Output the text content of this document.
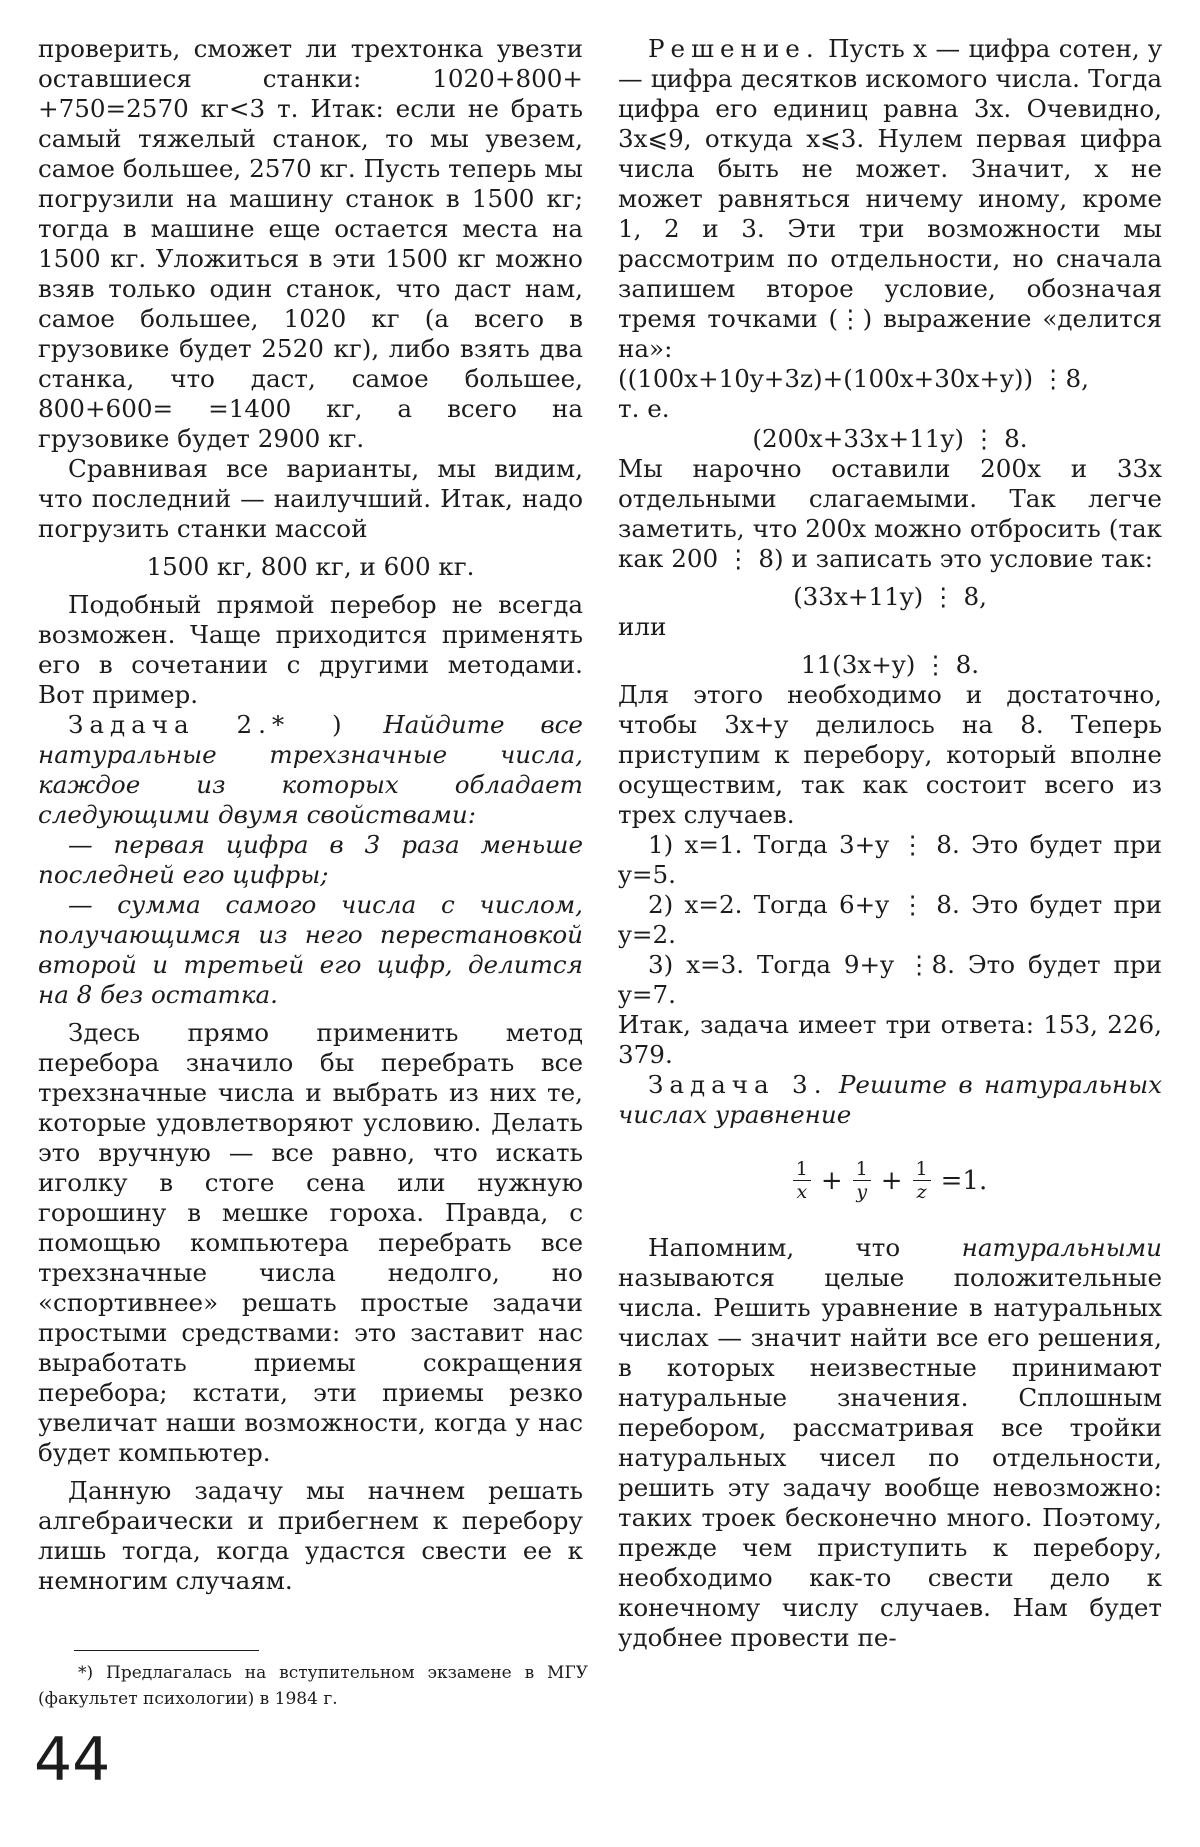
проверить, сможет ли трехтонка увезти оставшиеся станки: 1020+800+ +750=2570 кг<3 т. Итак: если не брать самый тяжелый станок, то мы увезем, самое большее, 2570 кг. Пусть теперь мы погрузили на машину станок в 1500 кг; тогда в машине еще остается места на 1500 кг. Уложиться в эти 1500 кг можно взяв только один станок, что даст нам, самое большее, 1020 кг (а всего в грузовике будет 2520 кг), либо взять два станка, что даст, самое большее, 800+600= =1400 кг, а всего на грузовике будет 2900 кг.

Сравнивая все варианты, мы видим, что последний — наилучший. Итак, надо погрузить станки массой

1500 кг, 800 кг, и 600 кг.

Подобный прямой перебор не всегда возможен. Чаще приходится применять его в сочетании с другими методами. Вот пример.

Задача 2.* ) Найдите все натуральные трехзначные числа, каждое из которых обладает следующими двумя свойствами:

— первая цифра в 3 раза меньше последней его цифры;

— сумма самого числа с числом, получающимся из него перестановкой второй и третьей его цифр, делится на 8 без остатка.

Здесь прямо применить метод перебора значило бы перебрать все трехзначные числа и выбрать из них те, которые удовлетворяют условию. Делать это вручную — все равно, что искать иголку в стоге сена или нужную горошину в мешке гороха. Правда, с помощью компьютера перебрать все трехзначные числа недолго, но «спортивнее» решать простые задачи простыми средствами: это заставит нас выработать приемы сокращения перебора; кстати, эти приемы резко увеличат наши возможности, когда у нас будет компьютер.

Данную задачу мы начнем решать алгебраически и прибегнем к перебору лишь тогда, когда удастся свести ее к немногим случаям.

Решение. Пусть x — цифра сотен, y — цифра десятков искомого числа. Тогда цифра его единиц равна 3x. Очевидно, 3x⩽9, откуда x⩽3. Нулем первая цифра числа быть не может. Значит, x не может равняться ничему иному, кроме 1, 2 и 3. Эти три возможности мы рассмотрим по отдельности, но сначала запишем второе условие, обозначая тремя точками (⋮) выражение «делится на»:

((100x+10y+3z)+(100x+30x+y)) ⋮8,

т. е.

(200x+33x+11y) ⋮ 8.

Мы нарочно оставили 200x и 33x отдельными слагаемыми. Так легче заметить, что 200x можно отбросить (так как 200 ⋮ 8) и записать это условие так:

(33x+11y) ⋮ 8,

или

11(3x+y) ⋮ 8.

Для этого необходимо и достаточно, чтобы 3x+y делилось на 8. Теперь приступим к перебору, который вполне осуществим, так как состоит всего из трех случаев.

1) x=1. Тогда 3+y ⋮ 8. Это будет при y=5.

2) x=2. Тогда 6+y ⋮ 8. Это будет при y=2.

3) x=3. Тогда 9+y ⋮8. Это будет при y=7.

Итак, задача имеет три ответа: 153, 226, 379.

Задача 3. Решите в натуральных числах уравнение

$\frac{1}{x} + \frac{1}{y} + \frac{1}{z} =1$.

Напомним, что натуральными называются целые положительные числа. Решить уравнение в натуральных числах — значит найти все его решения, в которых неизвестные принимают натуральные значения. Сплошным перебором, рассматривая все тройки натуральных чисел по отдельности, решить эту задачу вообще невозможно: таких троек бесконечно много. Поэтому, прежде чем приступить к перебору, необходимо как-то свести дело к конечному числу случаев. Нам будет удобнее провести пе-

*) Предлагалась на вступительном экзамене в МГУ (факультет психологии) в 1984 г.
44
